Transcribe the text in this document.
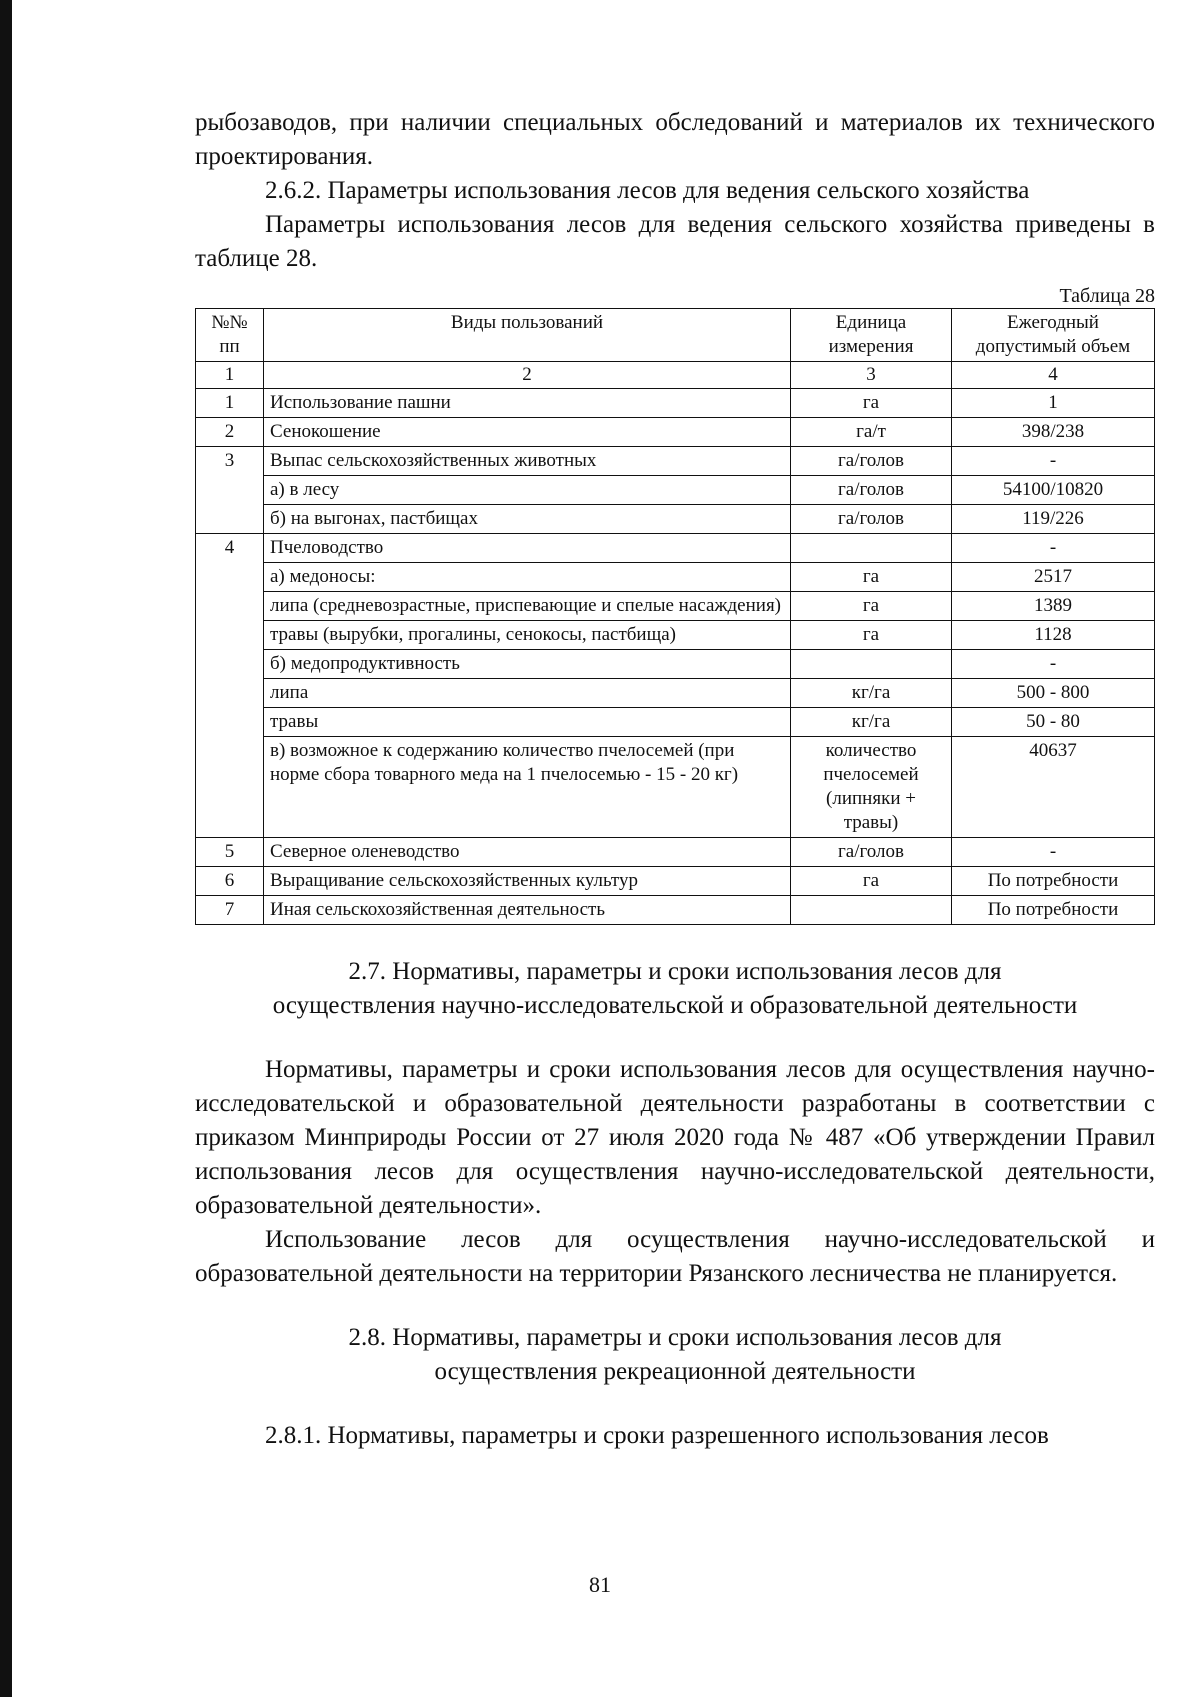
рыбозаводов, при наличии специальных обследований и материалов их технического проектирования.

2.6.2. Параметры использования лесов для ведения сельского хозяйства

Параметры использования лесов для ведения сельского хозяйства приведены в таблице 28.

Таблица 28

№№ пп	Виды пользований	Единица измерения	Ежегодный допустимый объем
1	2	3	4
1	Использование пашни	га	1
2	Сенокошение	га/т	398/238
3	Выпас сельскохозяйственных животных	га/голов	-
	а) в лесу	га/голов	54100/10820
	б) на выгонах, пастбищах	га/голов	119/226
4	Пчеловодство		-
	а) медоносы:	га	2517
	липа (средневозрастные, приспевающие и спелые насаждения)	га	1389
	травы (вырубки, прогалины, сенокосы, пастбища)	га	1128
	б) медопродуктивность		-
	липа	кг/га	500 - 800
	травы	кг/га	50 - 80
	в) возможное к содержанию количество пчелосемей (при норме сбора товарного меда на 1 пчелосемью - 15 - 20 кг)	количество пчелосемей (липняки + травы)	40637
5	Северное оленеводство	га/голов	-
6	Выращивание сельскохозяйственных культур	га	По потребности
7	Иная сельскохозяйственная деятельность		По потребности

2.7. Нормативы, параметры и сроки использования лесов для

осуществления научно-исследовательской и образовательной деятельности

Нормативы, параметры и сроки использования лесов для осуществления научно-исследовательской и образовательной деятельности разработаны в соответствии с приказом Минприроды России от 27 июля 2020 года № 487 «Об утверждении Правил использования лесов для осуществления научно-исследовательской деятельности, образовательной деятельности».

Использование лесов для осуществления научно-исследовательской и образовательной деятельности на территории Рязанского лесничества не планируется.

2.8. Нормативы, параметры и сроки использования лесов для

осуществления рекреационной деятельности

2.8.1. Нормативы, параметры и сроки разрешенного использования лесов

81
